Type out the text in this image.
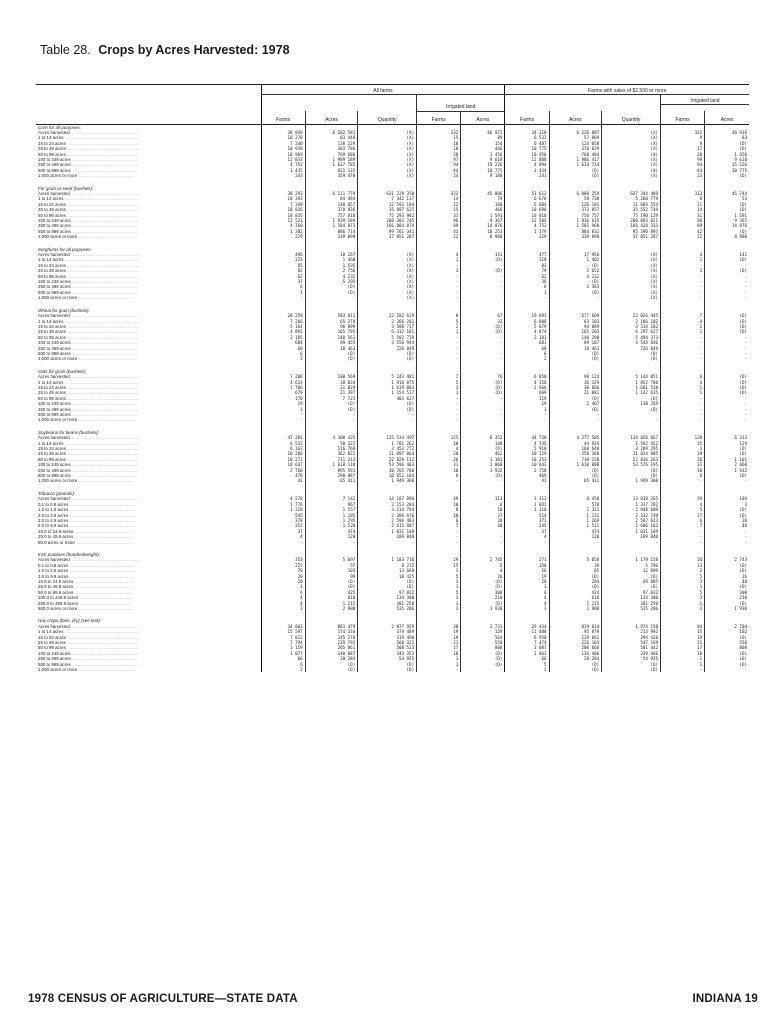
Table 28. Crops by Acres Harvested: 1978
	All farms					Farms with sales of $2,500 or more				
				Irrigated land					Irrigated land	

	Farms	Acres	Quantity	Farms	Acres	Farms	Acres	Quantity	Farms	Acres
Corn for all purposes:										
Acres harvested ..........................................	38 849	6 282 581	(X)	332	46 972	34 318	6 226 887	(X)	322	46 916
1 to 14 acres ..............................................	10 270	83 448	(X)	15	89	6 532	57 809	(X)	9	83
15 to 24 acres ............................................	7 240	138 129	(X)	10	154	6 487	124 058	(X)	9	(D)
25 to 49 acres ............................................	10 939	383 786	(X)	18	466	10 775	378 029	(X)	17	(D)
50 to 99 acres ............................................	10 969	769 686	(X)	28	1 456	10 950	768 404	(X)	28	1 456
100 to 249 acres ........................................	12 833	1 989 189	(X)	97	9 618	12 808	1 986 417	(X)	99	9 618
250 to 499 acres ........................................	4 752	1 637 785	(X)	94	15 226	4 894	1 634 714	(X)	94	15 226
500 to 999 acres ........................................	1 435	921 132	(X)	44	10 775	1 434	(D)	(X)	44	10 775
1,000 acres or more ..................................	243	359 478	(X)	24	9 188	241	(D)	(X)	23	(D)

For grain or seed (bushels):										
Acres harvested ..........................................	38 293	6 111 779	631 229 350	322	45 806	53 612	6 080 259	627 344 489	313	45 744
1 to 14 acres ..............................................	10 393	84 484	7 342 117	14	79	6 676	58 738	5 260 779	8	53
15 to 24 acres ............................................	7 349	140 057	12 593 184	12	168	6 684	126 101	11 684 554	11	(D)
25 to 49 acres ............................................	10 826	378 836	35 897 625	15	466	10 690	373 857	35 552 719	14	(D)
50 to 99 acres ............................................	10 835	757 810	75 293 982	31	1 591	10 818	756 757	75 190 129	31	1 591
100 to 249 acres ........................................	12 521	1 939 189	208 303 745	96	9 367	12 504	1 936 615	200 093 821	96	9 367
250 to 499 acres ........................................	4 760	1 584 873	166 884 074	89	14 876	4 752	1 581 960	166 420 333	89	14 876
500 to 999 acres ........................................	1 382	886 714	99 761 341	43	10 253	1 379	884 832	95 590 997	42	(D)
1,000 acres or more ..................................	229	339 899	37 051 287	22	8 980	229	339 899	37 051 287	22	8 980

Sorghums for all purposes:										
Acres harvested ..........................................	496	18 267	(X)	4	141	477	17 956	(X)	4	141
1 to 14 acres ..............................................	223	1 460	(X)	1	(D)	210	1 402	(X)	1	(D)
15 to 24 acres ............................................	85	1 535	(X)	-	-	83	(D)	(X)	-	-
25 to 49 acres ............................................	82	2 756	(X)	3	(D)	79	2 652	(X)	3	(D)
50 to 99 acres ............................................	62	4 232	(X)	-	-	62	4 232	(X)	-	-
100 to 249 acres ........................................	37	5 295	(X)	-	-	36	(D)	(X)	-	-
250 to 499 acres ........................................	6	(D)	(X)	-	-	6	2 383	(X)	-	-
500 to 999 acres ........................................	1	(D)	(X)	-	-	1	(D)	(X)	-	-
1,000 acres or more ..................................	-	-	(X)	-	-	-	-	(X)	-	-

Wheat for grain (bushels):										
Acres harvested ..........................................	20 259	583 011	22 182 629	8	67	19 691	577 669	22 026 445	7	(D)
1 to 14 acres ..............................................	7 266	65 270	2 366 201	5	32	6 888	63 103	2 186 102	4	(D)
15 to 24 acres ............................................	5 164	96 899	3 588 737	2	(D)	5 079	94 889	3 314 182	2	(D)
25 to 49 acres ............................................	4 892	165 795	6 312 181	1	(D)	4 874	165 203	6 297 627	1	(D)
50 to 99 acres ............................................	2 185	140 561	5 502 729	-	-	2 181	140 290	5 494 373	-	-
100 to 249 acres ........................................	684	89 455	3 556 944	-	-	681	89 107	3 543 836	-	-
250 to 499 acres ........................................	60	18 463	726 849	-	-	60	18 463	726 849	-	-
500 to 999 acres ........................................	6	(D)	(D)	-	-	6	(D)	(D)	-	-
1,000 acres or more ..................................	2	(D)	(D)	-	-	2	(D)	(D)	-	-

Oats for grain (bushels):										
Acres harvested ..........................................	7 208	100 569	5 243 481	7	76	6 850	98 124	5 144 851	6	(D)
1 to 14 acres ..............................................	4 633	38 034	1 918 875	5	(D)	4 356	36 329	1 852 788	4	(D)
15 to 24 acres ............................................	1 706	31 029	1 619 003	1	(D)	1 666	30 666	1 601 518	1	(D)
25 to 49 acres ............................................	679	21 397	1 154 517	1	(D)	669	21 081	1 142 635	1	(D)
50 to 99 acres ............................................	170	7 721	403 627	-	-	119	(D)	(D)	-	-
100 to 249 acres ........................................	19	(D)	(D)	-	-	19	2 467	130 259	-	-
250 to 499 acres ........................................	1	(D)	(D)	-	-	1	(D)	(D)	-	-
500 to 999 acres ........................................	-	-	-	-	-	-	-	-	-	-
1,000 acres or more ..................................	-	-	-	-	-	-	-	-	-	-

Soybeans for beans (bushels):										
Acres harvested ..........................................	47 201	4 308 425	135 534 497	125	6 352	44 738	4 277 505	134 826 667	120	6 313
1 to 14 acres ..............................................	6 532	50 322	1 781 262	18	148	4 735	44 934	1 592 452	15	129
15 to 24 acres ............................................	6 163	116 769	3 453 772	4	(D)	5 910	108 648	3 289 295	3	(D)
25 to 49 acres ............................................	10 286	362 822	11 097 064	20	462	10 129	358 368	11 024 805	19	(D)
50 to 99 acres ............................................	10 272	711 313	22 828 112	26	1 101	10 253	710 158	22 816 263	26	1 101
100 to 249 acres ........................................	10 647	1 610 110	53 596 403	31	2 060	10 643	1 610 000	53 576 195	31	2 060
250 to 499 acres ........................................	2 760	895 591	30 765 780	18	1 932	2 758	(D)	(D)	18	1 932
500 to 999 acres ........................................	470	290 087	10 052 184	6	(D)	469	(D)	(D)	6	(D)
1,000 acres or more ..................................	41	65 411	1 949 360	-	-	41	65 411	1 949 360	-	-

Tobacco (pounds):										
Acres harvested ..........................................	4 270	7 142	14 187 896	49	113	3 312	6 450	13 038 265	39	104
0.1 to 0.9 acres ........................................	1 776	967	2 153 284	10	6	1 031	578	1 337 782	4	3
1.0 to 1.9 acres ........................................	1 220	1 557	3 214 794	8	10	1 110	1 321	2 948 609	5	(D)
2.0 to 2.9 acres ........................................	545	1 185	2 386 676	18	37	514	1 131	2 332 740	17	(D)
3.0 to 4.9 acres ........................................	378	1 295	2 596 483	6	20	371	1 269	2 587 623	6	20
5.0 to 9.9 acres ........................................	252	1 520	2 615 887	7	40	245	1 511	2 606 162	7	40
10.0 to 24.9 acres ....................................	37	474	1 031 109	-	-	37	474	1 031 109	-	-
25.0 to 49.9 acres ....................................	4	120	189 840	-	-	4	120	189 840	-	-
50.0 acres or more ....................................	-	-	-	-	-	-	-	-	-	-

Irish potatoes (hundredweight):										
Acres harvested ..........................................	353	5 097	1 183 716	29	2 745	271	5 058	1 179 158	26	2 743
0.1 to 0.9 acres ........................................	225	57	8 215	15	5	158	39	5 796	13	(D)
1.0 to 2.9 acres ........................................	70	103	13 669	3	4	56	85	12 099	2	(D)
3.0 to 9.9 acres ........................................	20	99	18 425	5	26	19	(D)	(D)	5	26
10.0 to 24.9 acres ....................................	20	(D)	(D)	3	(D)	20	284	49 805	3	48
25.0 to 49.9 acres ....................................	1	(D)	(D)	1	(D)	1	(D)	(D)	1	(D)
50.0 to 99.9 acres ....................................	6	425	97 832	5	300	6	424	97 832	5	300
100.0 to 249.9 acres ................................	4	610	134 300	3	210	4	610	134 300	3	210
250.0 to 499.9 acres ................................	4	1 215	301 250	1	(D)	4	1 215	301 250	1	(D)
500.0 acres or more ..................................	3	2 980	535 286	3	1 930	3	2 980	535 286	3	1 930

Hay crops (tons, dry) (see text):										
Acres harvested ..........................................	34 863	883 479	2 077 929	38	2 731	29 434	819 034	1 974 158	84	2 704
1 to 14 acres ..............................................	15 597	174 334	379 489	19	129	11 488	95 879	213 992	15	102
15 to 24 acres ............................................	7 812	145 270	319 490	19	564	6 950	129 861	294 428	19	(D)
25 to 49 acres ............................................	7 794	239 792	568 322	21	558	7 474	226 183	547 169	21	558
50 to 99 acres ............................................	3 159	205 061	508 523	17	808	3 087	200 666	501 442	17	808
100 to 249 acres ........................................	1 077	140 087	343 353	10	(D)	1 063	136 406	339 466	10	(D)
250 to 499 acres ........................................	66	20 284	54 925	1	(D)	66	20 284	54 925	1	(D)
500 to 999 acres ........................................	6	(D)	(D)	1	(D)	5	(D)	(D)	1	(D)
1,000 acres or more ..................................	2	(D)	(D)	-	-	2	(D)	(D)	-	-
1978 CENSUS OF AGRICULTURE—STATE DATA	INDIANA 19
